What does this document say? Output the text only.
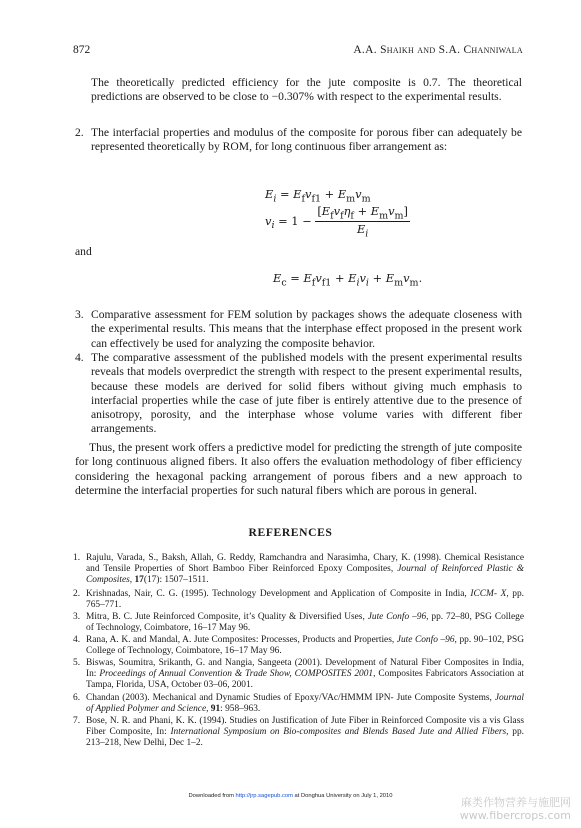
872	A.A. Shaikh and S.A. Channiwala
The theoretically predicted efficiency for the jute composite is 0.7. The theoretical predictions are observed to be close to −0.307% with respect to the experimental results.
2. The interfacial properties and modulus of the composite for porous fiber can adequately be represented theoretically by ROM, for long continuous fiber arrangement as:
$E_i = E_fv_{f1} + E_mv_m$
$v_i = 1 - \frac{[E_fv_f\eta_f + E_mv_m]}{E_i}$
and
$E_c = E_fv_{f1} + E_iv_i + E_mv_m$.
3. Comparative assessment for FEM solution by packages shows the adequate closeness with the experimental results. This means that the interphase effect proposed in the present work can effectively be used for analyzing the composite behavior.
4. The comparative assessment of the published models with the present experimental results reveals that models overpredict the strength with respect to the present experimental results, because these models are derived for solid fibers without giving much emphasis to interfacial properties while the case of jute fiber is entirely attentive due to the presence of anisotropy, porosity, and the interphase whose volume varies with different fiber arrangements.
Thus, the present work offers a predictive model for predicting the strength of jute composite for long continuous aligned fibers. It also offers the evaluation methodology of fiber efficiency considering the hexagonal packing arrangement of porous fibers and a new approach to determine the interfacial properties for such natural fibers which are porous in general.
REFERENCES
1. Rajulu, Varada, S., Baksh, Allah, G. Reddy, Ramchandra and Narasimha, Chary, K. (1998). Chemical Resistance and Tensile Properties of Short Bamboo Fiber Reinforced Epoxy Composites, Journal of Reinforced Plastic & Composites, 17(17): 1507–1511.
2. Krishnadas, Nair, C. G. (1995). Technology Development and Application of Composite in India, ICCM- X, pp. 765–771.
3. Mitra, B. C. Jute Reinforced Composite, it’s Quality & Diversified Uses, Jute Confo –96, pp. 72–80, PSG College of Technology, Coimbatore, 16–17 May 96.
4. Rana, A. K. and Mandal, A. Jute Composites: Processes, Products and Properties, Jute Confo –96, pp. 90–102, PSG College of Technology, Coimbatore, 16–17 May 96.
5. Biswas, Soumitra, Srikanth, G. and Nangia, Sangeeta (2001). Development of Natural Fiber Composites in India, In: Proceedings of Annual Convention & Trade Show, COMPOSITES 2001, Composites Fabricators Association at Tampa, Florida, USA, October 03–06, 2001.
6. Chandan (2003). Mechanical and Dynamic Studies of Epoxy/VAc/HMMM IPN- Jute Composite Systems, Journal of Applied Polymer and Science, 91: 958–963.
7. Bose, N. R. and Phani, K. K. (1994). Studies on Justification of Jute Fiber in Reinforced Composite vis a vis Glass Fiber Composite, In: International Symposium on Bio-composites and Blends Based Jute and Allied Fibers, pp. 213–218, New Delhi, Dec 1–2.
Downloaded from http://jrp.sagepub.com at Donghua University on July 1, 2010	麻类作物营养与施肥网
www.fibercrops.com
